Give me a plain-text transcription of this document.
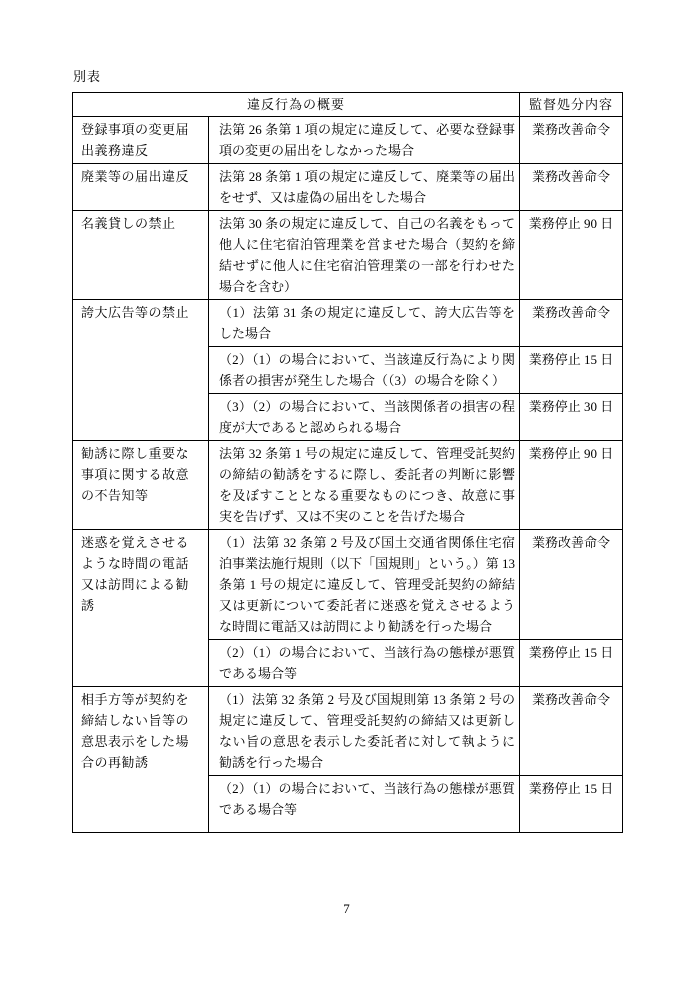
別表
違反行為の概要		監督処分内容
登録事項の変更届出義務違反	法第 26 条第 1 項の規定に違反して、必要な登録事項の変更の届出をしなかった場合	業務改善命令
廃業等の届出違反	法第 28 条第 1 項の規定に違反して、廃業等の届出をせず、又は虚偽の届出をした場合	業務改善命令
名義貸しの禁止	法第 30 条の規定に違反して、自己の名義をもって他人に住宅宿泊管理業を営ませた場合（契約を締結せずに他人に住宅宿泊管理業の一部を行わせた場合を含む）	業務停止 90 日
誇大広告等の禁止	（1）法第 31 条の規定に違反して、誇大広告等をした場合	業務改善命令
	（2）（1）の場合において、当該違反行為により関係者の損害が発生した場合（（3）の場合を除く）	業務停止 15 日
	（3）（2）の場合において、当該関係者の損害の程度が大であると認められる場合	業務停止 30 日
勧誘に際し重要な事項に関する故意の不告知等	法第 32 条第 1 号の規定に違反して、管理受託契約の締結の勧誘をするに際し、委託者の判断に影響を及ぼすこととなる重要なものにつき、故意に事実を告げず、又は不実のことを告げた場合	業務停止 90 日
迷惑を覚えさせるような時間の電話又は訪問による勧誘	（1）法第 32 条第 2 号及び国土交通省関係住宅宿泊事業法施行規則（以下「国規則」という。）第 13 条第 1 号の規定に違反して、管理受託契約の締結又は更新について委託者に迷惑を覚えさせるような時間に電話又は訪問により勧誘を行った場合	業務改善命令
	（2）（1）の場合において、当該行為の態様が悪質である場合等	業務停止 15 日
相手方等が契約を締結しない旨等の意思表示をした場合の再勧誘	（1）法第 32 条第 2 号及び国規則第 13 条第 2 号の規定に違反して、管理受託契約の締結又は更新しない旨の意思を表示した委託者に対して執ように勧誘を行った場合	業務改善命令
	（2）（1）の場合において、当該行為の態様が悪質である場合等	業務停止 15 日
7
